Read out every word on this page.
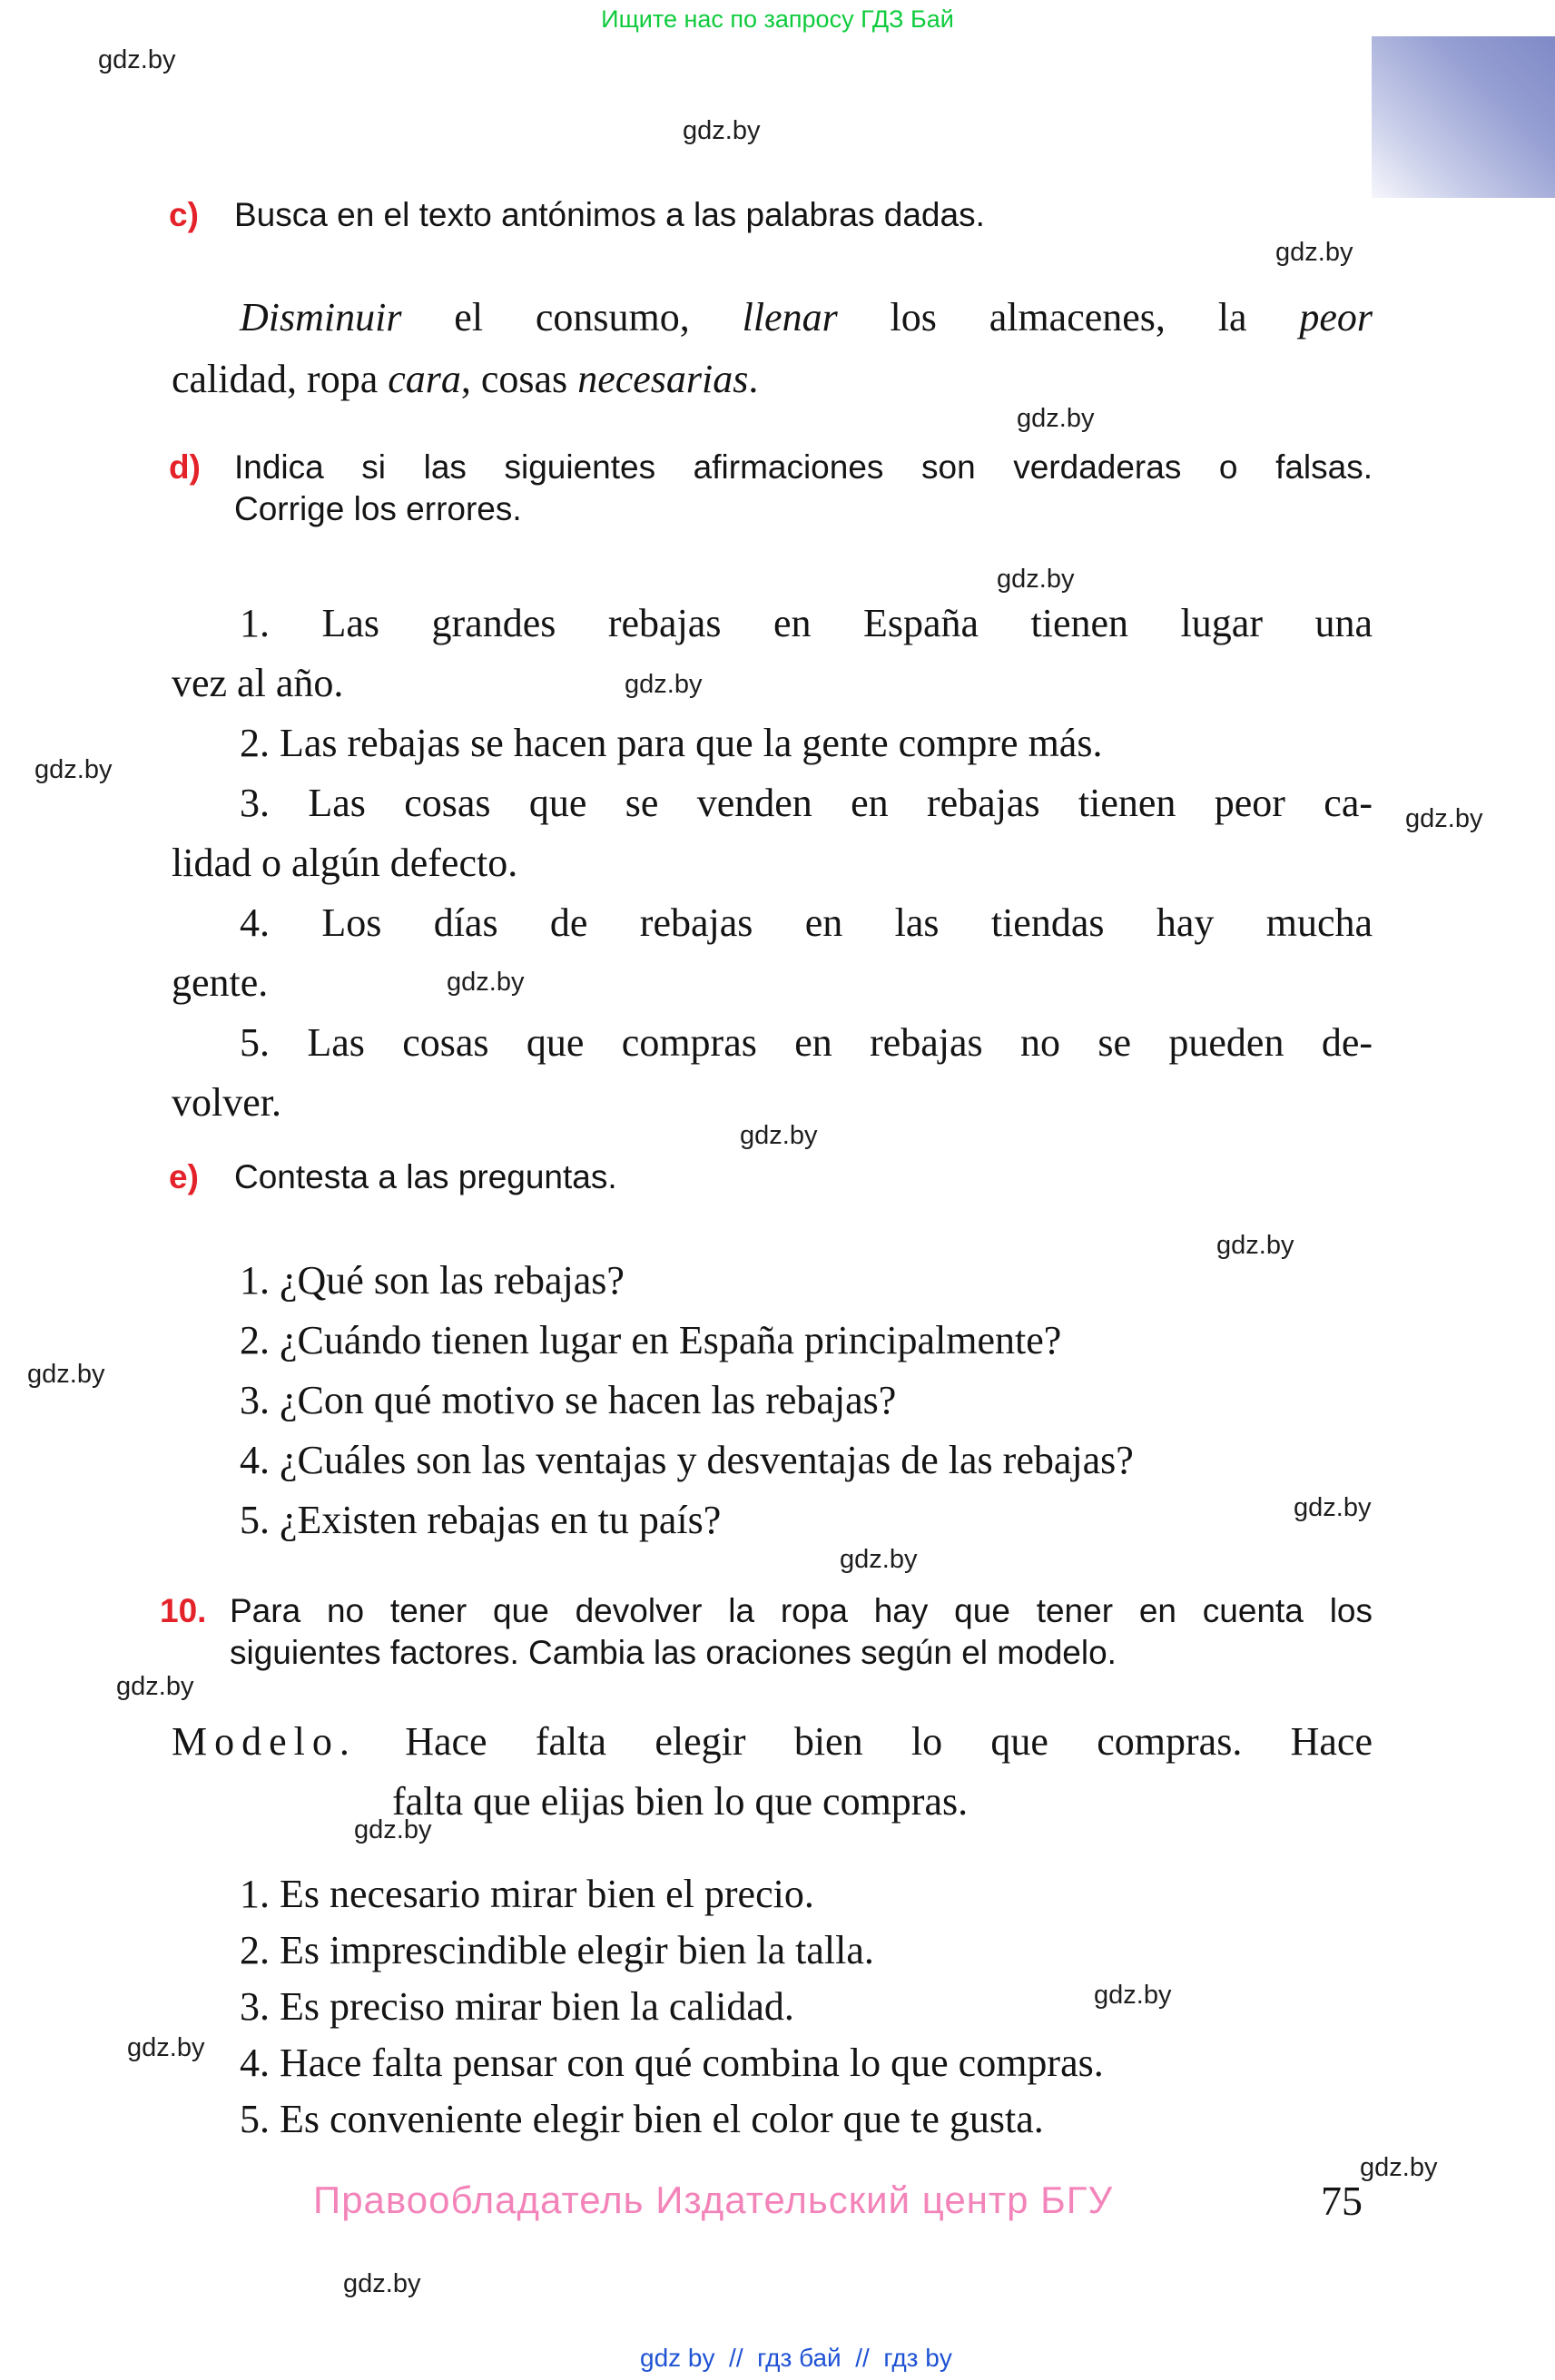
Ищите нас по запросу ГДЗ Бай
gdz.by
gdz.by
gdz.by
gdz.by
gdz.by
gdz.by
gdz.by
gdz.by
gdz.by
gdz.by
gdz.by
gdz.by
gdz.by
gdz.by
gdz.by
gdz.by
gdz.by
gdz.by
gdz.by
gdz.by
c) Busca en el texto antónimos a las palabras dadas.
Disminuir el consumo, llenar los almacenes, la peor
calidad, ropa cara, cosas necesarias.
d) Indica si las siguientes afirmaciones son verdaderas o falsas.
Corrige los errores.
1. Las grandes rebajas en España tienen lugar una
vez al año.
2. Las rebajas se hacen para que la gente compre más.
3. Las cosas que se venden en rebajas tienen peor ca-
lidad o algún defecto.
4. Los días de rebajas en las tiendas hay mucha
gente.
5. Las cosas que compras en rebajas no se pueden de-
volver.
e) Contesta a las preguntas.
1. ¿Qué son las rebajas?
2. ¿Cuándo tienen lugar en España principalmente?
3. ¿Con qué motivo se hacen las rebajas?
4. ¿Cuáles son las ventajas y desventajas de las rebajas?
5. ¿Existen rebajas en tu país?
10. Para no tener que devolver la ropa hay que tener en cuenta los
siguientes factores. Cambia las oraciones según el modelo.
Modelo. Hace falta elegir bien lo que compras. Hace
falta que elijas bien lo que compras.
1. Es necesario mirar bien el precio.
2. Es imprescindible elegir bien la talla.
3. Es preciso mirar bien la calidad.
4. Hace falta pensar con qué combina lo que compras.
5. Es conveniente elegir bien el color que te gusta.
Правообладатель Издательский центр БГУ	75
gdz by  //  гдз бай  //  гдз by
